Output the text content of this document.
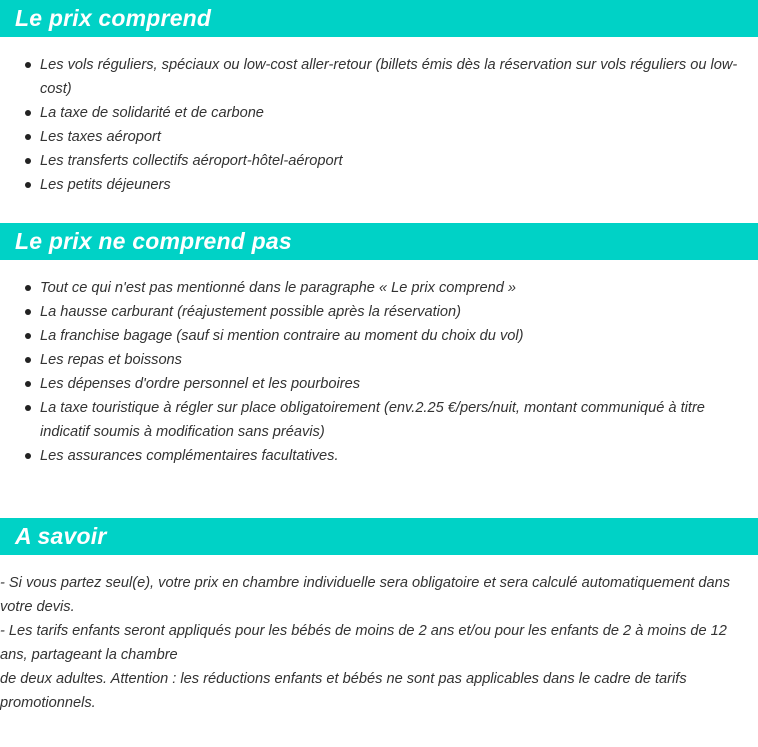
Le prix comprend
Les vols réguliers, spéciaux ou low-cost aller-retour (billets émis dès la réservation sur vols réguliers ou low-cost)
La taxe de solidarité et de carbone
Les taxes aéroport
Les transferts collectifs aéroport-hôtel-aéroport
Les petits déjeuners
Le prix ne comprend pas
Tout ce qui n'est pas mentionné dans le paragraphe « Le prix comprend »
La hausse carburant (réajustement possible après la réservation)
La franchise bagage (sauf si mention contraire au moment du choix du vol)
Les repas et boissons
Les dépenses d'ordre personnel et les pourboires
La taxe touristique à régler sur place obligatoirement (env.2.25 €/pers/nuit, montant communiqué à titre indicatif soumis à modification sans préavis)
Les assurances complémentaires facultatives.
A savoir
- Si vous partez seul(e), votre prix en chambre individuelle sera obligatoire et sera calculé automatiquement dans votre devis.
- Les tarifs enfants seront appliqués pour les bébés de moins de 2 ans et/ou pour les enfants de 2 à moins de 12 ans, partageant la chambre
de deux adultes. Attention : les réductions enfants et bébés ne sont pas applicables dans le cadre de tarifs promotionnels.
